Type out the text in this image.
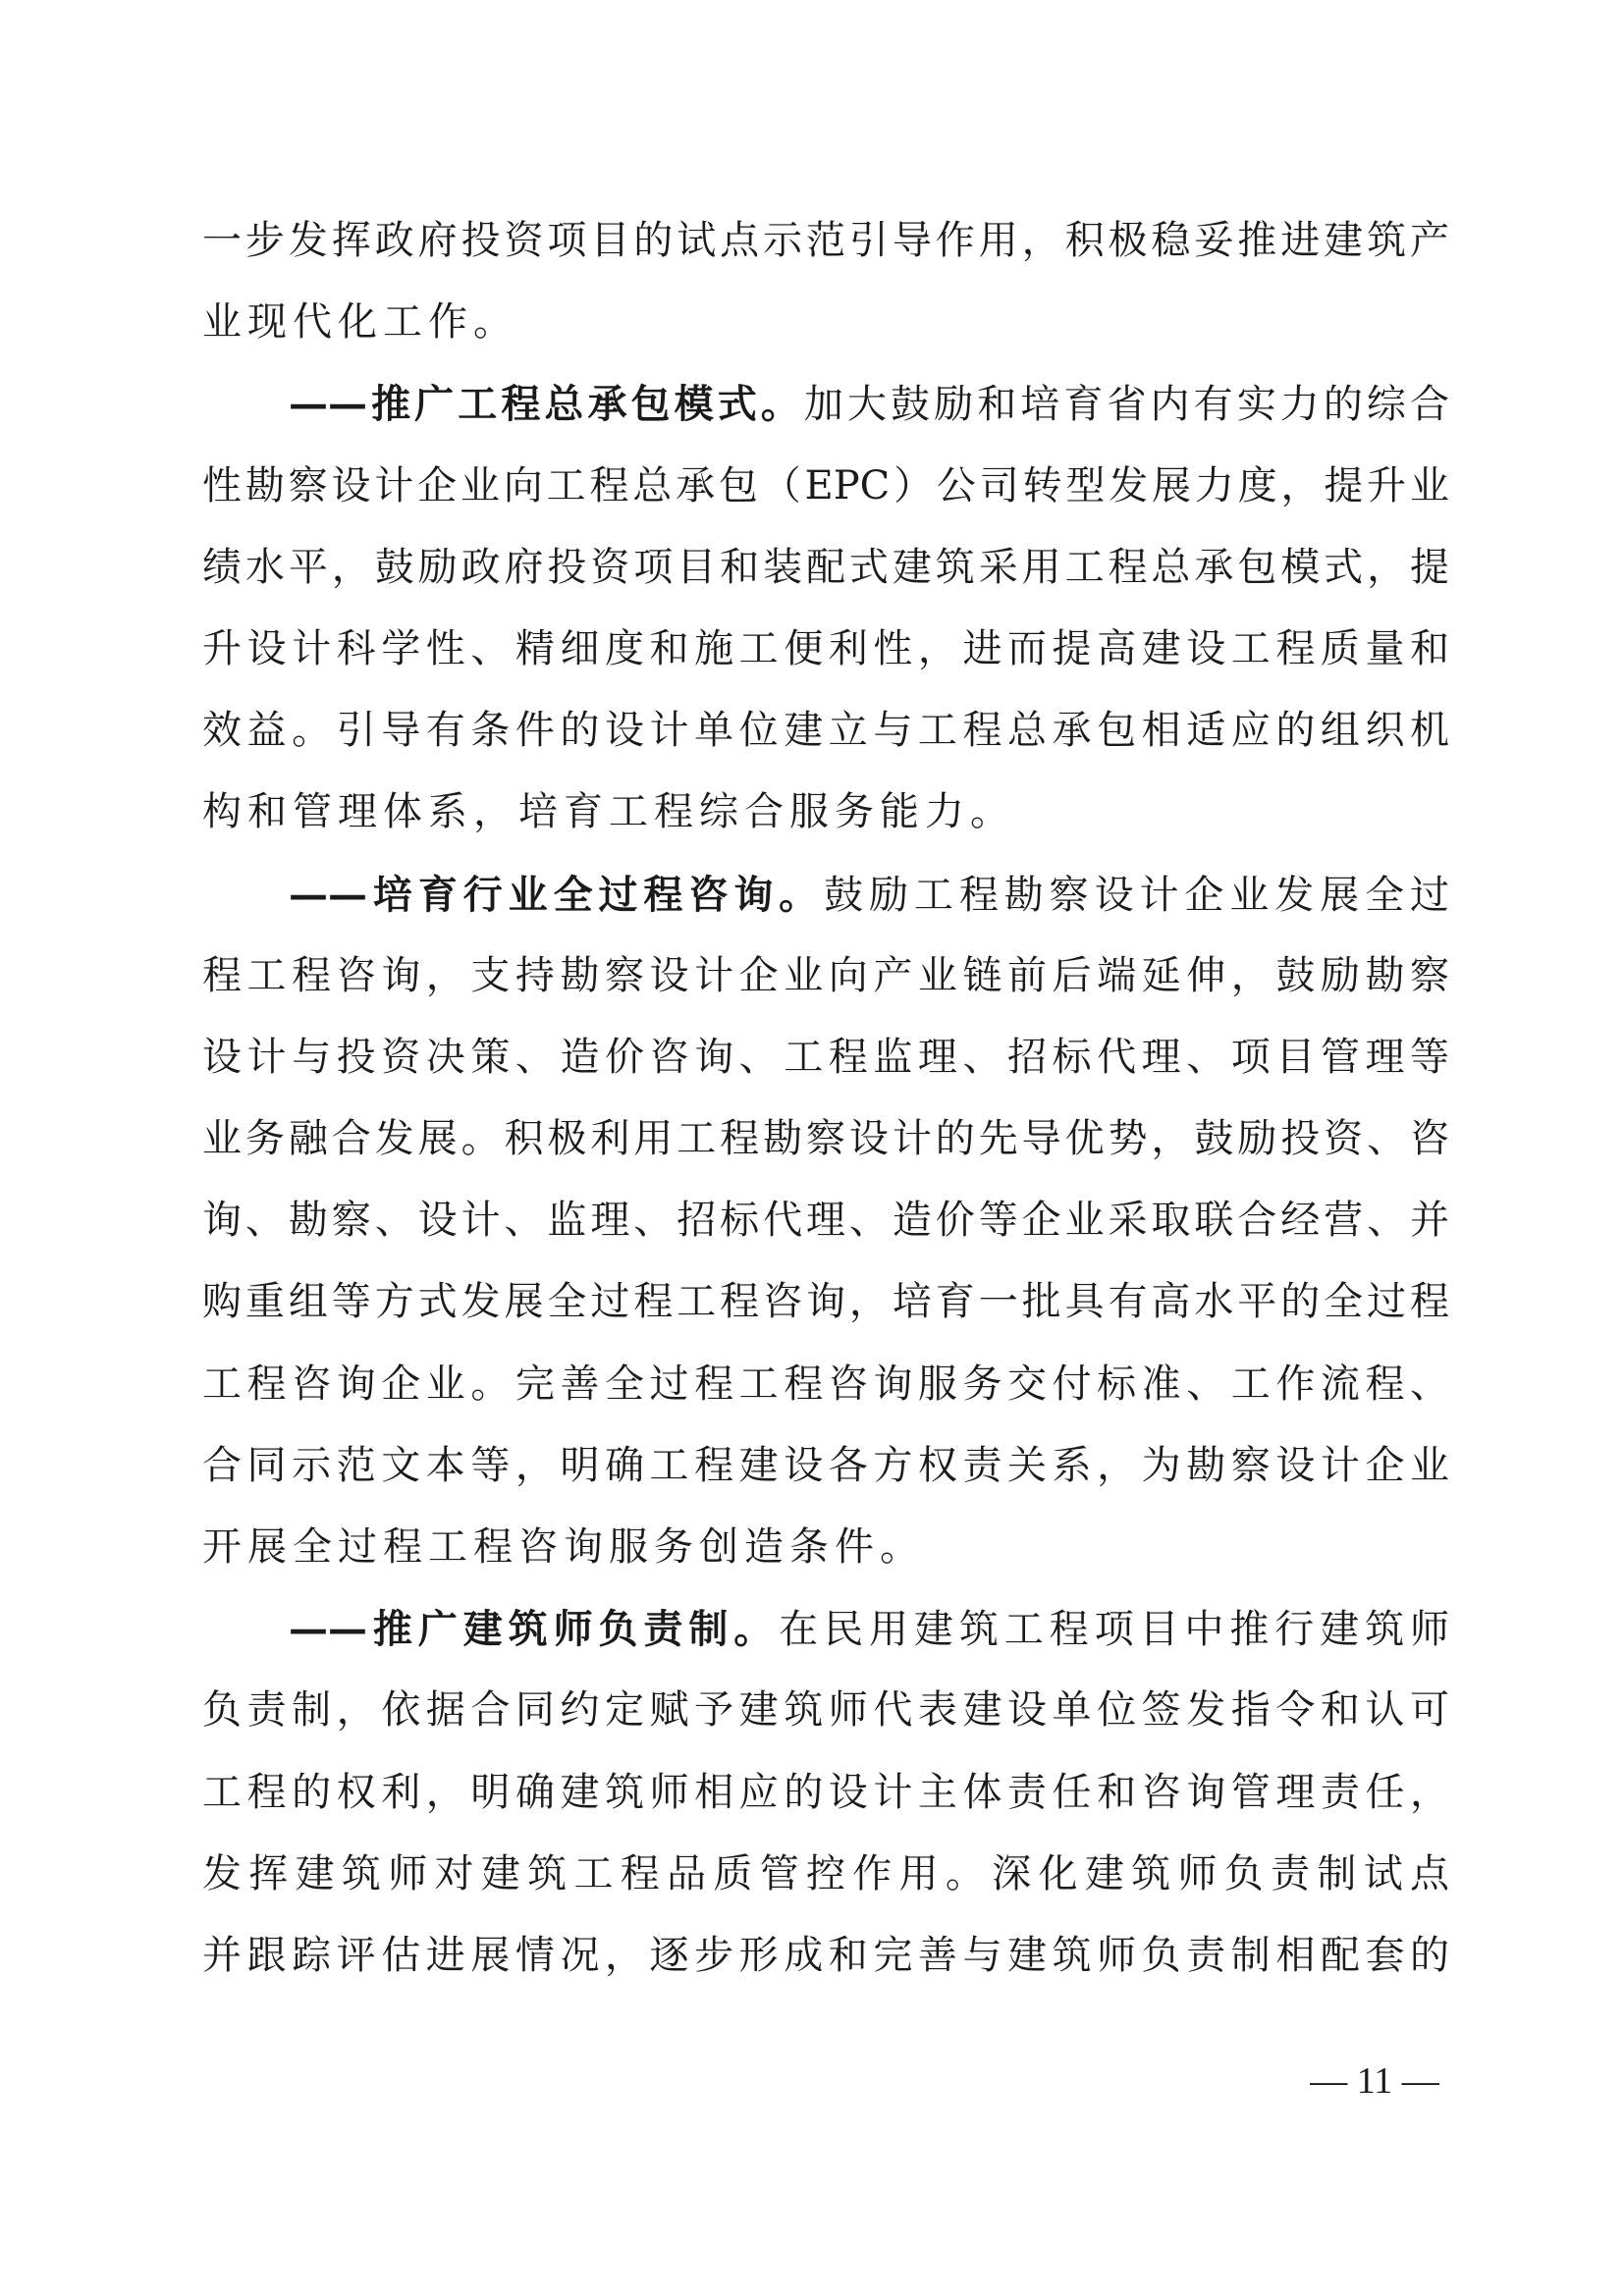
一步发挥政府投资项目的试点示范引导作用，积极稳妥推进建筑产
业现代化工作。
——推广工程总承包模式。加大鼓励和培育省内有实力的综合
性勘察设计企业向工程总承包（EPC）公司转型发展力度，提升业
绩水平，鼓励政府投资项目和装配式建筑采用工程总承包模式，提
升设计科学性、精细度和施工便利性，进而提高建设工程质量和
效益。引导有条件的设计单位建立与工程总承包相适应的组织机
构和管理体系，培育工程综合服务能力。
——培育行业全过程咨询。鼓励工程勘察设计企业发展全过
程工程咨询，支持勘察设计企业向产业链前后端延伸，鼓励勘察
设计与投资决策、造价咨询、工程监理、招标代理、项目管理等
业务融合发展。积极利用工程勘察设计的先导优势，鼓励投资、咨
询、勘察、设计、监理、招标代理、造价等企业采取联合经营、并
购重组等方式发展全过程工程咨询，培育一批具有高水平的全过程
工程咨询企业。完善全过程工程咨询服务交付标准、工作流程、
合同示范文本等，明确工程建设各方权责关系，为勘察设计企业
开展全过程工程咨询服务创造条件。
——推广建筑师负责制。在民用建筑工程项目中推行建筑师
负责制，依据合同约定赋予建筑师代表建设单位签发指令和认可
工程的权利，明确建筑师相应的设计主体责任和咨询管理责任，
发挥建筑师对建筑工程品质管控作用。深化建筑师负责制试点
并跟踪评估进展情况，逐步形成和完善与建筑师负责制相配套的
— 11 —
